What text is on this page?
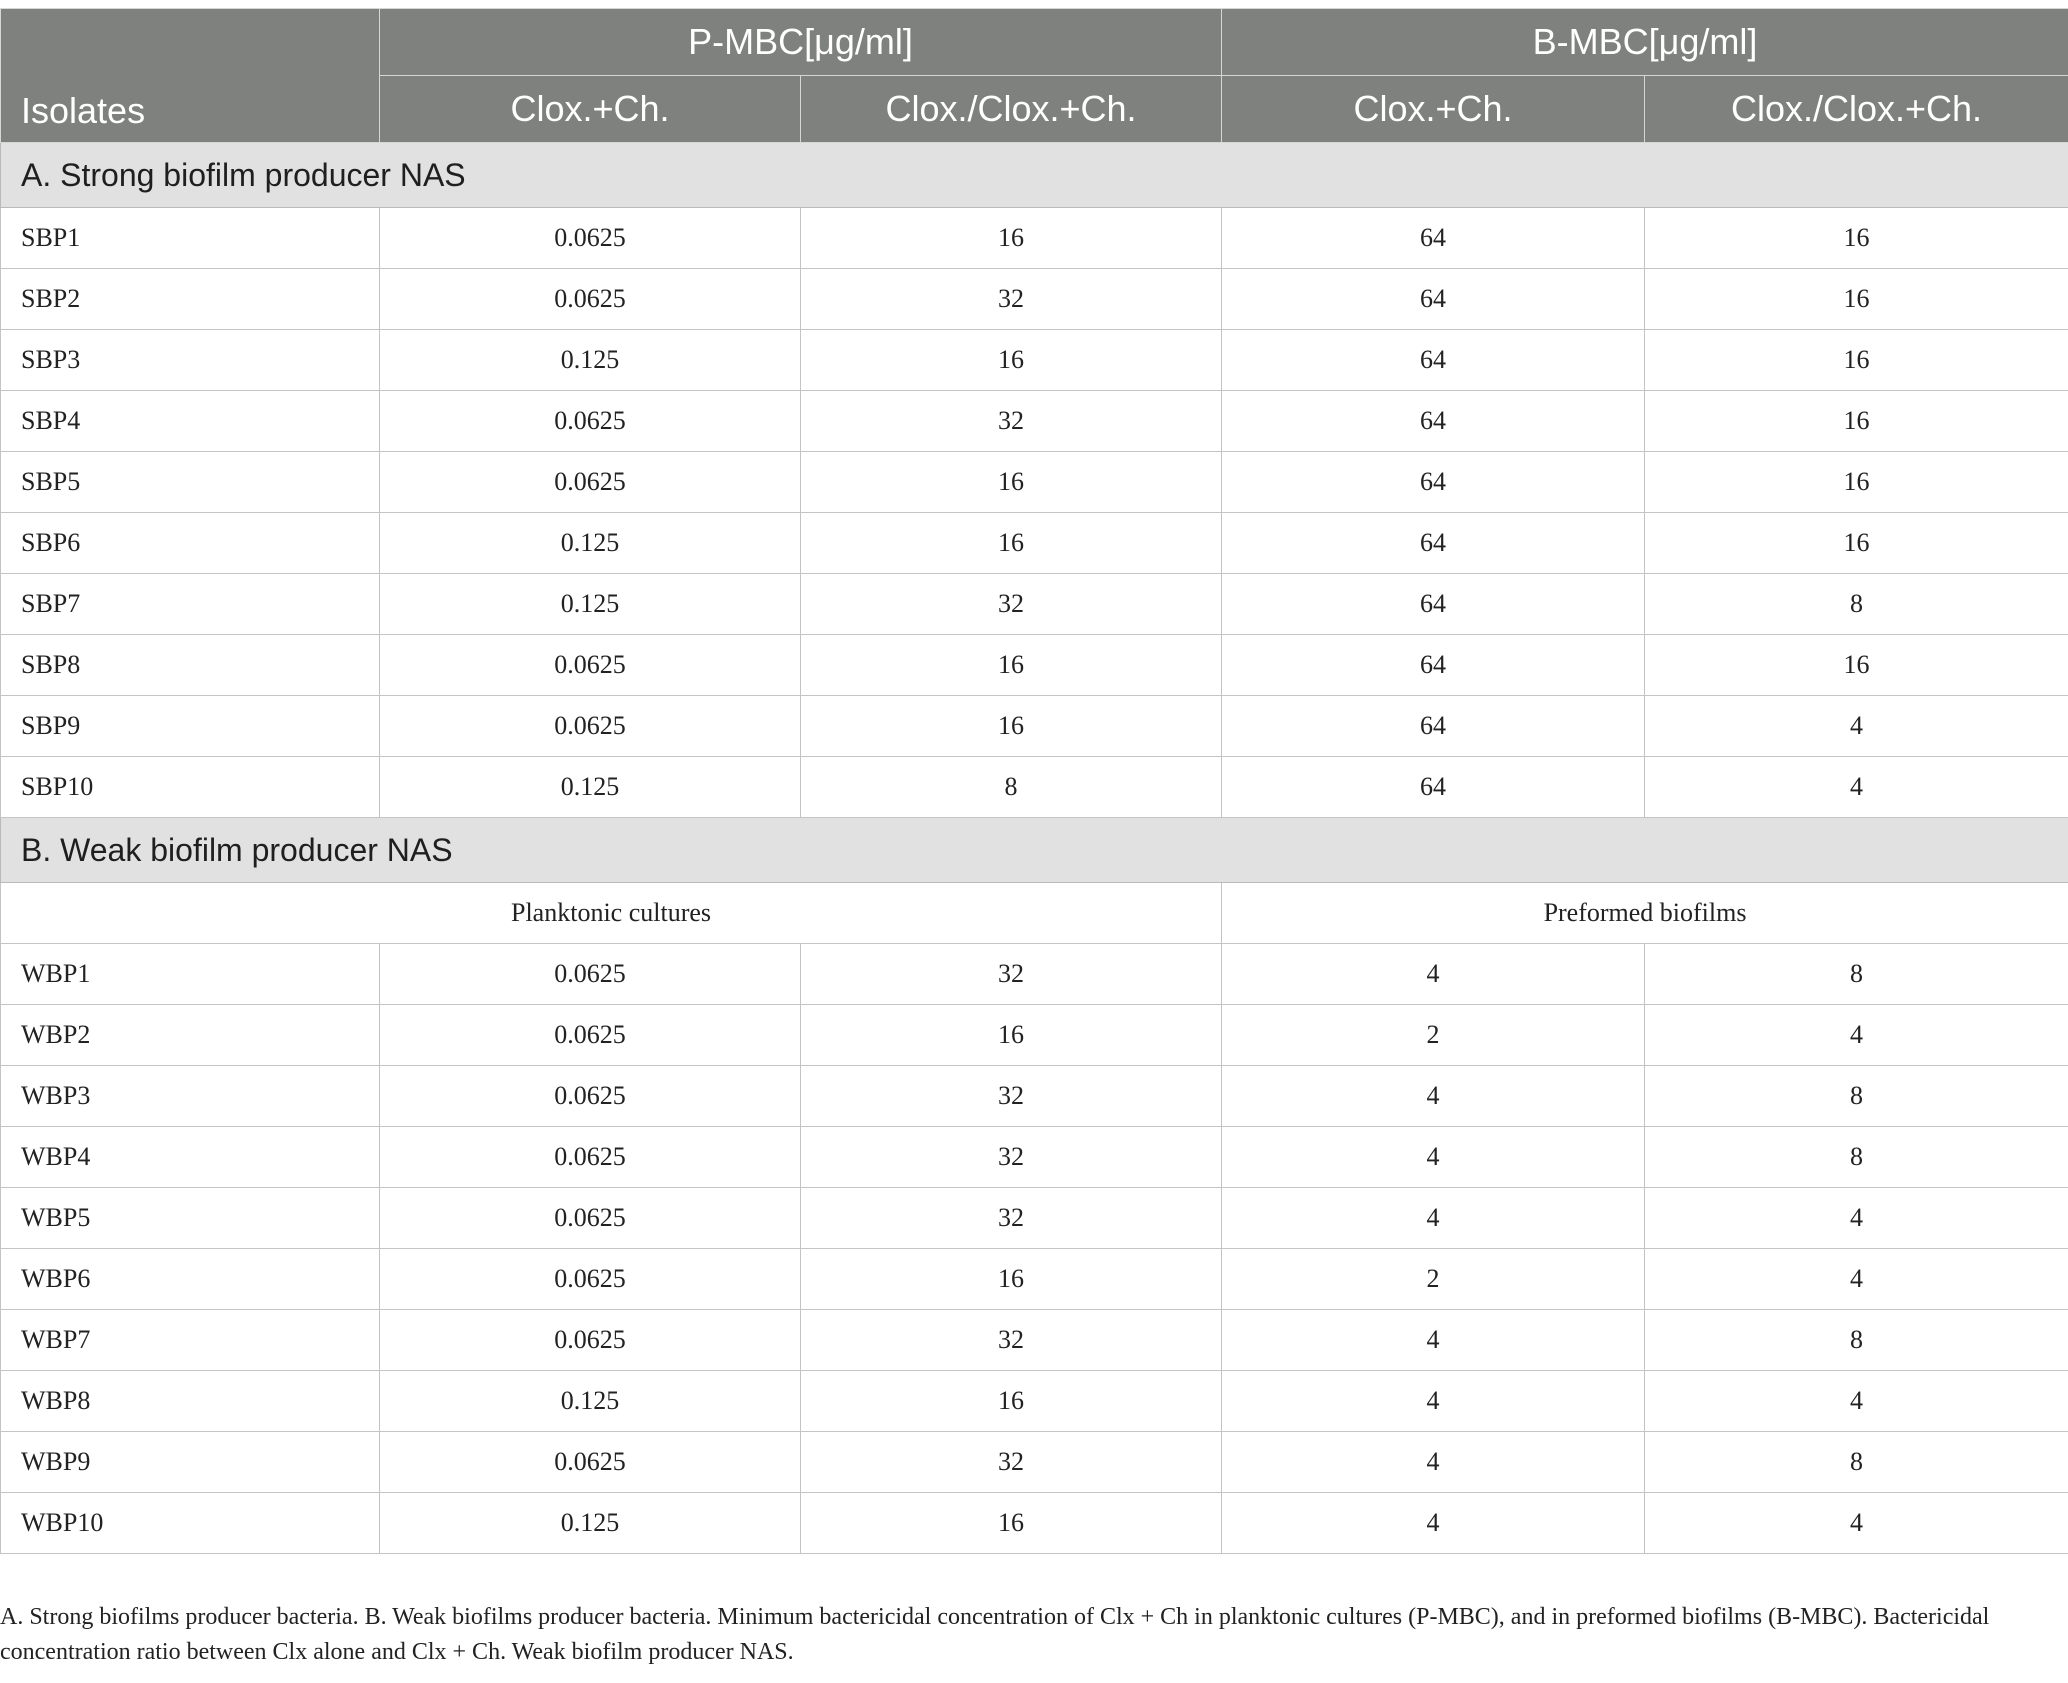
Isolates	P-MBC[μg/ml]		B-MBC[μg/ml]	
	Clox.+Ch.	Clox./Clox.+Ch.	Clox.+Ch.	Clox./Clox.+Ch.
A. Strong biofilm producer NAS				
SBP1	0.0625	16	64	16
SBP2	0.0625	32	64	16
SBP3	0.125	16	64	16
SBP4	0.0625	32	64	16
SBP5	0.0625	16	64	16
SBP6	0.125	16	64	16
SBP7	0.125	32	64	8
SBP8	0.0625	16	64	16
SBP9	0.0625	16	64	4
SBP10	0.125	8	64	4
B. Weak biofilm producer NAS				
Planktonic cultures			Preformed biofilms	
WBP1	0.0625	32	4	8
WBP2	0.0625	16	2	4
WBP3	0.0625	32	4	8
WBP4	0.0625	32	4	8
WBP5	0.0625	32	4	4
WBP6	0.0625	16	2	4
WBP7	0.0625	32	4	8
WBP8	0.125	16	4	4
WBP9	0.0625	32	4	8
WBP10	0.125	16	4	4

A. Strong biofilms producer bacteria. B. Weak biofilms producer bacteria. Minimum bactericidal concentration of Clx + Ch in planktonic cultures (P-MBC), and in preformed biofilms (B-MBC). Bactericidal concentration ratio between Clx alone and Clx + Ch. Weak biofilm producer NAS.
